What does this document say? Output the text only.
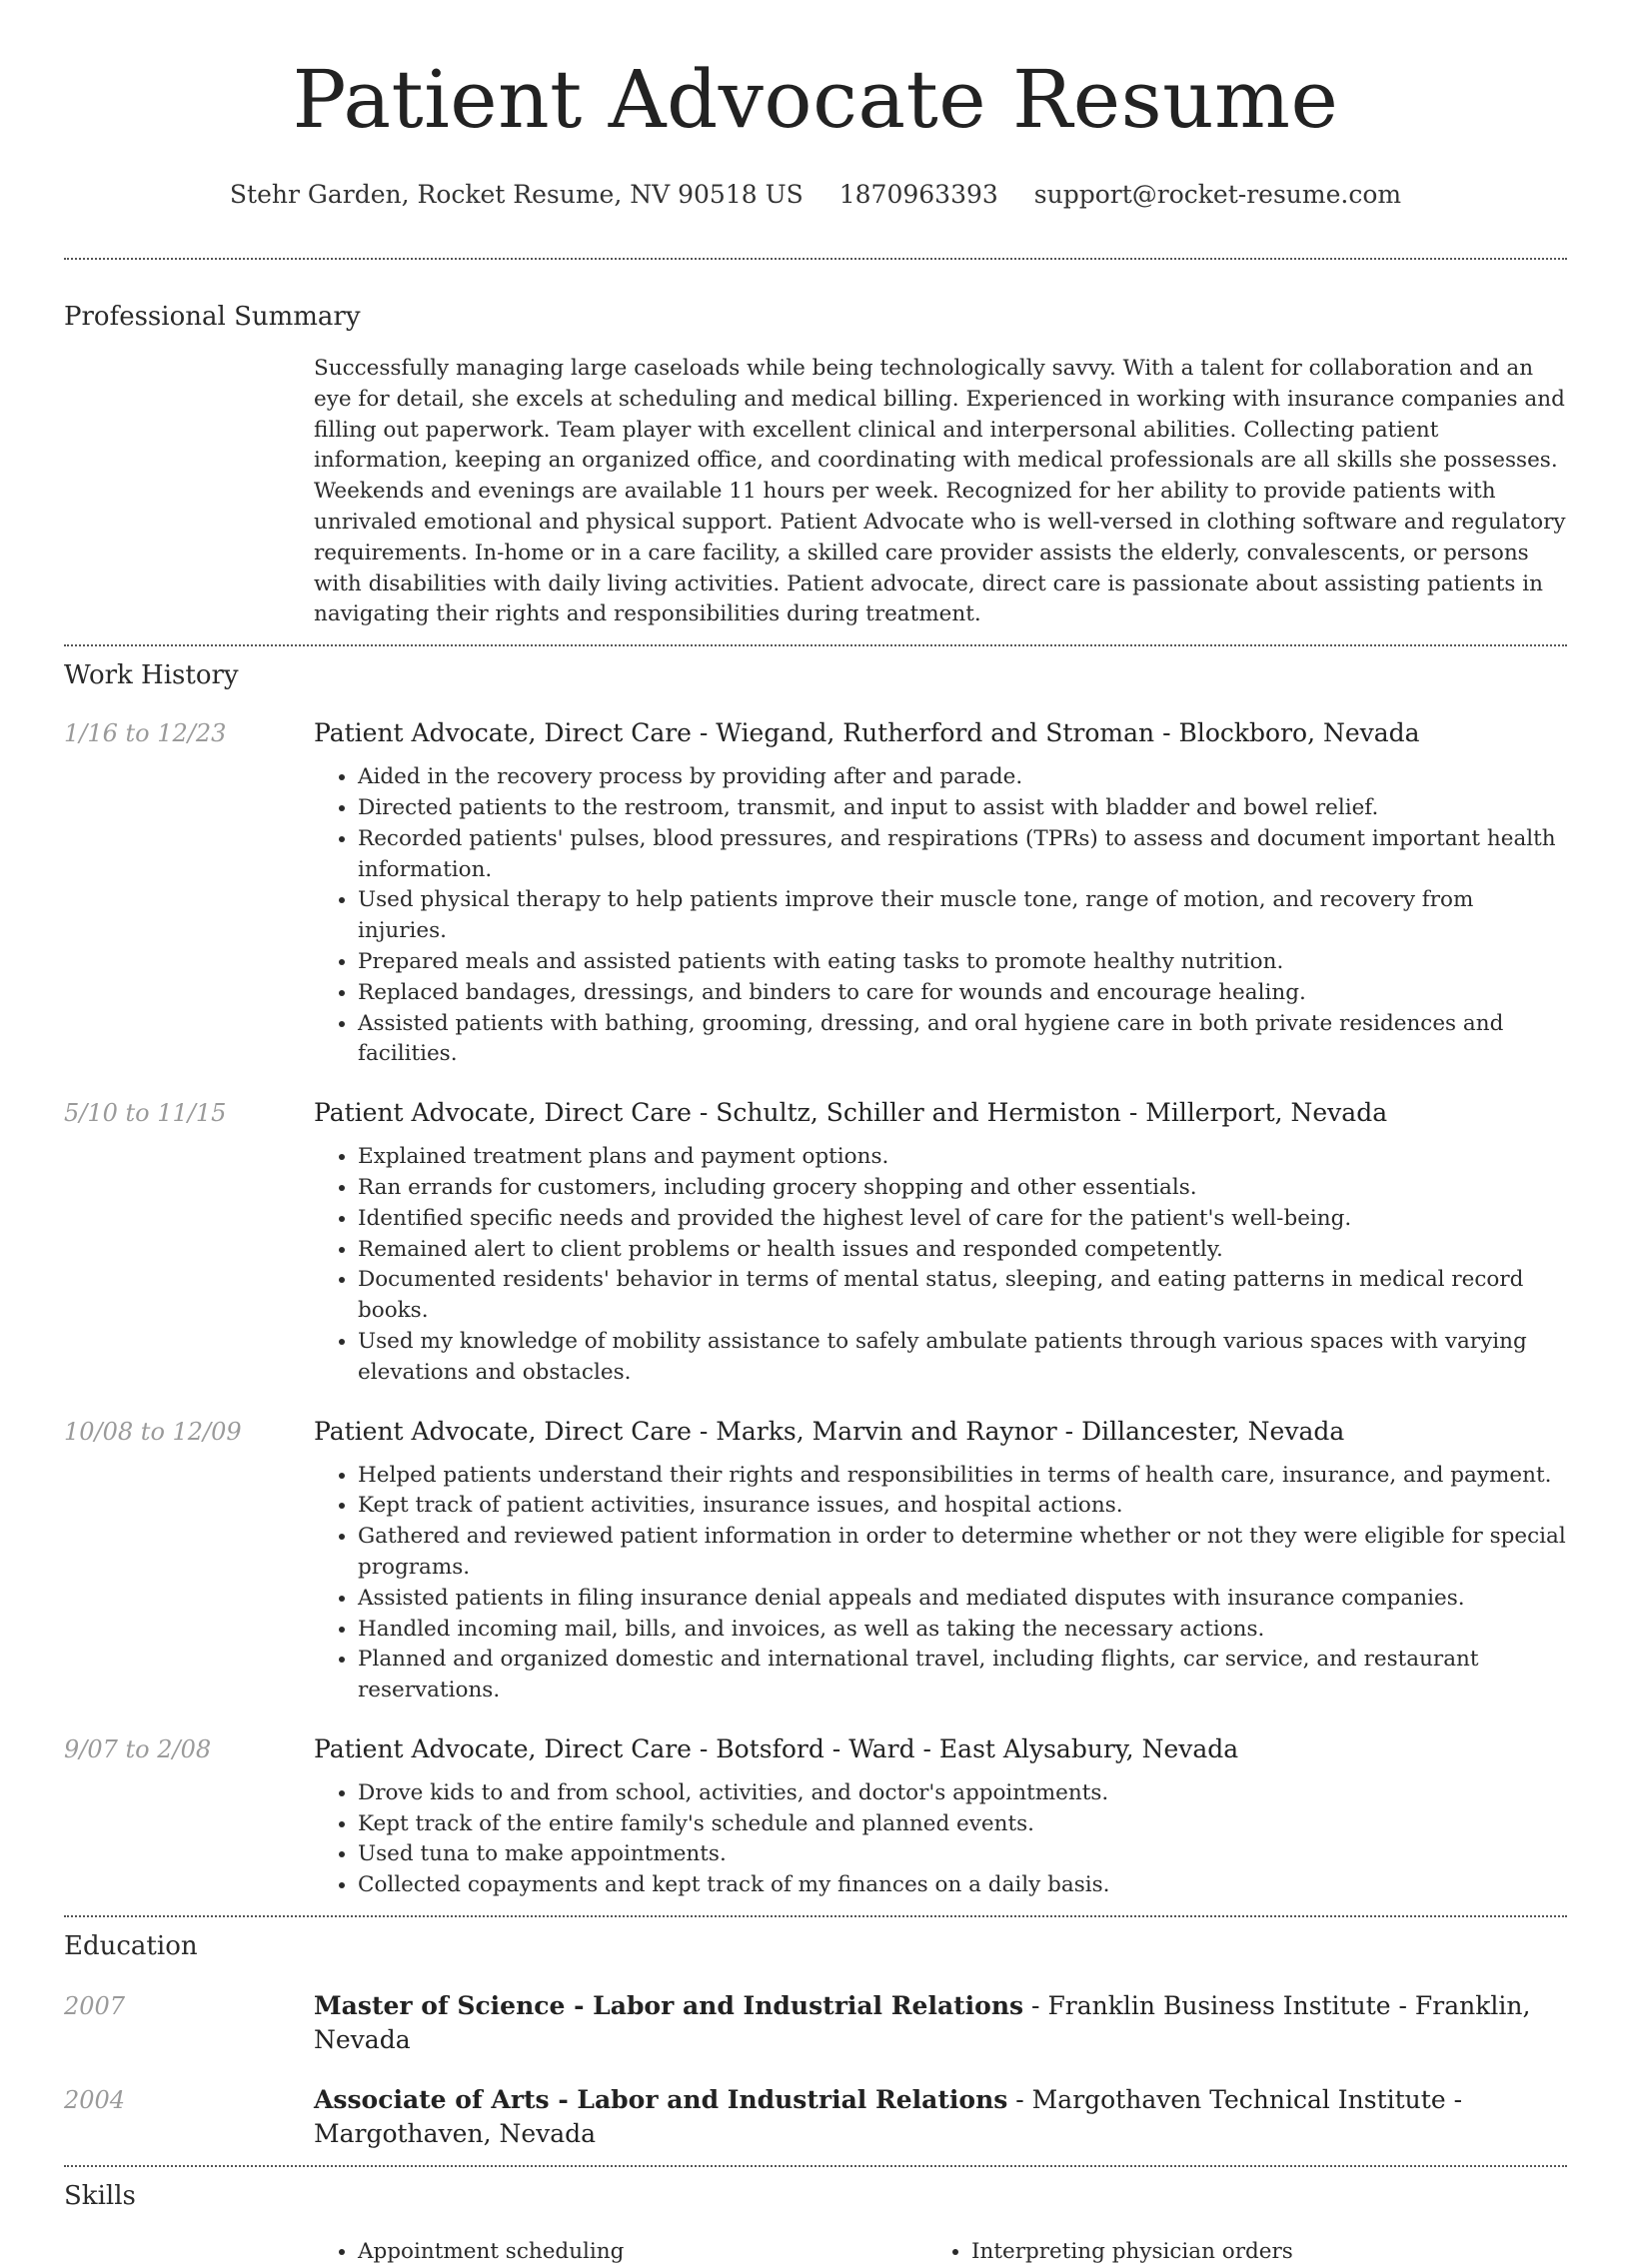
Patient Advocate Resume
Stehr Garden, Rocket Resume, NV 90518 US 1870963393 support@rocket-resume.com
Professional Summary

Successfully managing large caseloads while being technologically savvy. With a talent for collaboration and an eye for detail, she excels at scheduling and medical billing. Experienced in working with insurance companies and filling out paperwork. Team player with excellent clinical and interpersonal abilities. Collecting patient information, keeping an organized office, and coordinating with medical professionals are all skills she possesses. Weekends and evenings are available 11 hours per week. Recognized for her ability to provide patients with unrivaled emotional and physical support. Patient Advocate who is well-versed in clothing software and regulatory requirements. In-home or in a care facility, a skilled care provider assists the elderly, convalescents, or persons with disabilities with daily living activities. Patient advocate, direct care is passionate about assisting patients in navigating their rights and responsibilities during treatment.

Work History
1/16 to 12/23	Patient Advocate, Direct Care - Wiegand, Rutherford and Stroman - Blockboro, Nevada
• Aided in the recovery process by providing after and parade.
• Directed patients to the restroom, transmit, and input to assist with bladder and bowel relief.
• Recorded patients' pulses, blood pressures, and respirations (TPRs) to assess and document important health information.
• Used physical therapy to help patients improve their muscle tone, range of motion, and recovery from injuries.
• Prepared meals and assisted patients with eating tasks to promote healthy nutrition.
• Replaced bandages, dressings, and binders to care for wounds and encourage healing.
• Assisted patients with bathing, grooming, dressing, and oral hygiene care in both private residences and facilities.
5/10 to 11/15	Patient Advocate, Direct Care - Schultz, Schiller and Hermiston - Millerport, Nevada
• Explained treatment plans and payment options.
• Ran errands for customers, including grocery shopping and other essentials.
• Identified specific needs and provided the highest level of care for the patient's well-being.
• Remained alert to client problems or health issues and responded competently.
• Documented residents' behavior in terms of mental status, sleeping, and eating patterns in medical record books.
• Used my knowledge of mobility assistance to safely ambulate patients through various spaces with varying elevations and obstacles.
10/08 to 12/09	Patient Advocate, Direct Care - Marks, Marvin and Raynor - Dillancester, Nevada
• Helped patients understand their rights and responsibilities in terms of health care, insurance, and payment.
• Kept track of patient activities, insurance issues, and hospital actions.
• Gathered and reviewed patient information in order to determine whether or not they were eligible for special programs.
• Assisted patients in filing insurance denial appeals and mediated disputes with insurance companies.
• Handled incoming mail, bills, and invoices, as well as taking the necessary actions.
• Planned and organized domestic and international travel, including flights, car service, and restaurant reservations.
9/07 to 2/08	Patient Advocate, Direct Care - Botsford - Ward - East Alysabury, Nevada
• Drove kids to and from school, activities, and doctor's appointments.
• Kept track of the entire family's schedule and planned events.
• Used tuna to make appointments.
• Collected copayments and kept track of my finances on a daily basis.
Education
2007	Master of Science - Labor and Industrial Relations - Franklin Business Institute - Franklin, Nevada
2004	Associate of Arts - Labor and Industrial Relations - Margothaven Technical Institute - Margothaven, Nevada
Skills
• Appointment scheduling
•	Interpreting physician orders
